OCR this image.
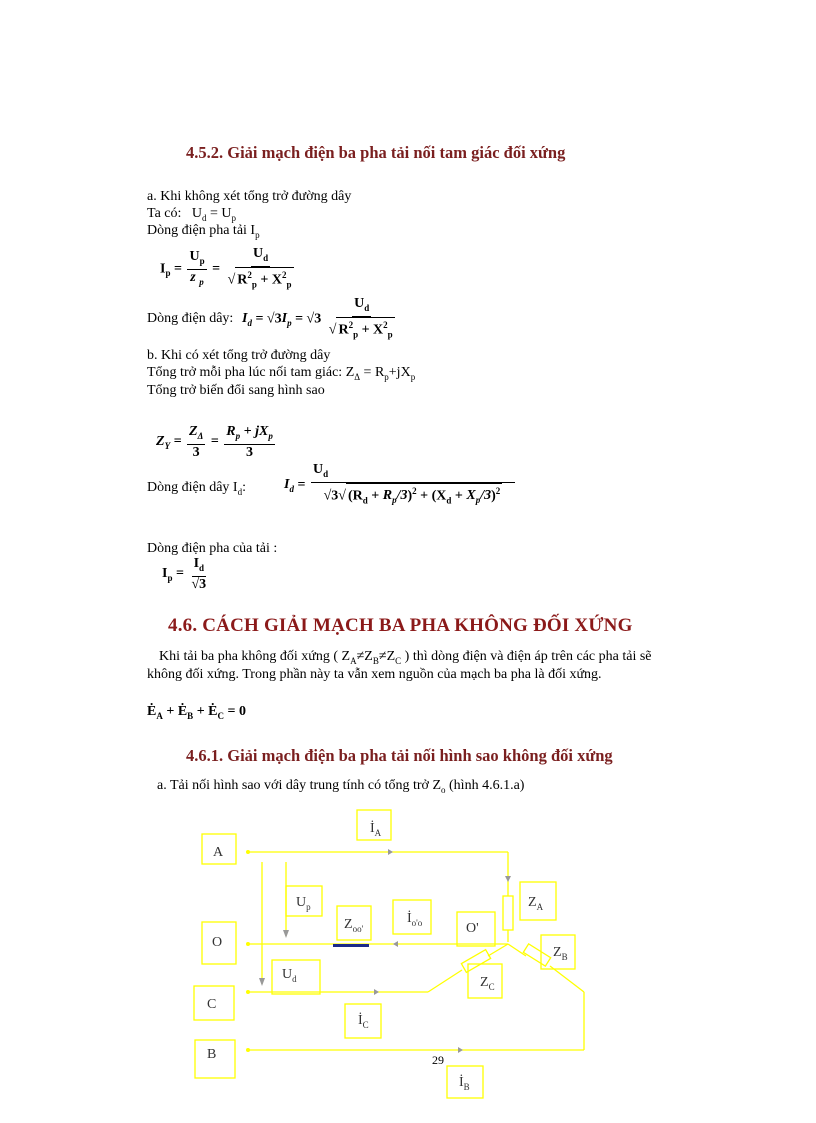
4.5.2. Giải mạch điện ba pha tải nối tam giác đối xứng
a. Khi không xét tổng trở đường dây
Ta có: $U_d = U_p$
Dòng điện pha tải $I_p$
$I_p = \frac{U_p}{z _p} = \frac{U_d}{√ R^2_p + X^2_p}$
Dòng điện dây: $I_d = √3I_p = √3 \frac{U_d}{√ R^2_p + X^2_p}$
b. Khi có xét tổng trở đường dây
Tổng trở mỗi pha lúc nối tam giác: $Z_\Delta = R_p+jX_p$
Tổng trở biến đổi sang hình sao
$Z_Y = \frac{Z_\Delta}{3} = \frac{R_p + jX_p}{3}$
Dòng điện dây $I_d$:	$I_d = \frac{U_d}{√3√ (R_d + R_p/3)^2 + (X_d + X_p/3)^2}$
Dòng điện pha của tải :
$I_p = \frac{I_d}{√3}$
4.6. CÁCH GIẢI MẠCH BA PHA KHÔNG ĐỐI XỨNG
Khi tải ba pha không đối xứng ( $Z_A\ne Z_B\ne Z_C$ ) thì dòng điện và điện áp trên các pha tải sẽ
không đối xứng. Trong phần này ta vẫn xem nguồn của mạch ba pha là đối xứng.
$Ė_A$ + $Ė_B$ + $Ė_C = 0$
4.6.1. Giải mạch điện ba pha tải nối hình sao không đối xứng
a. Tải nối hình sao với dây trung tính có tổng trở $Z_o$ (hình 4.6.1.a)
$İ_A$
A
$U_p$	$Z_A$
$Z_{oo'}$
$İ_{o'o}$	O'
O
$Z_B$
$U_d$	$Z_C$
C
$İ_C$
B
$İ_B$
29
